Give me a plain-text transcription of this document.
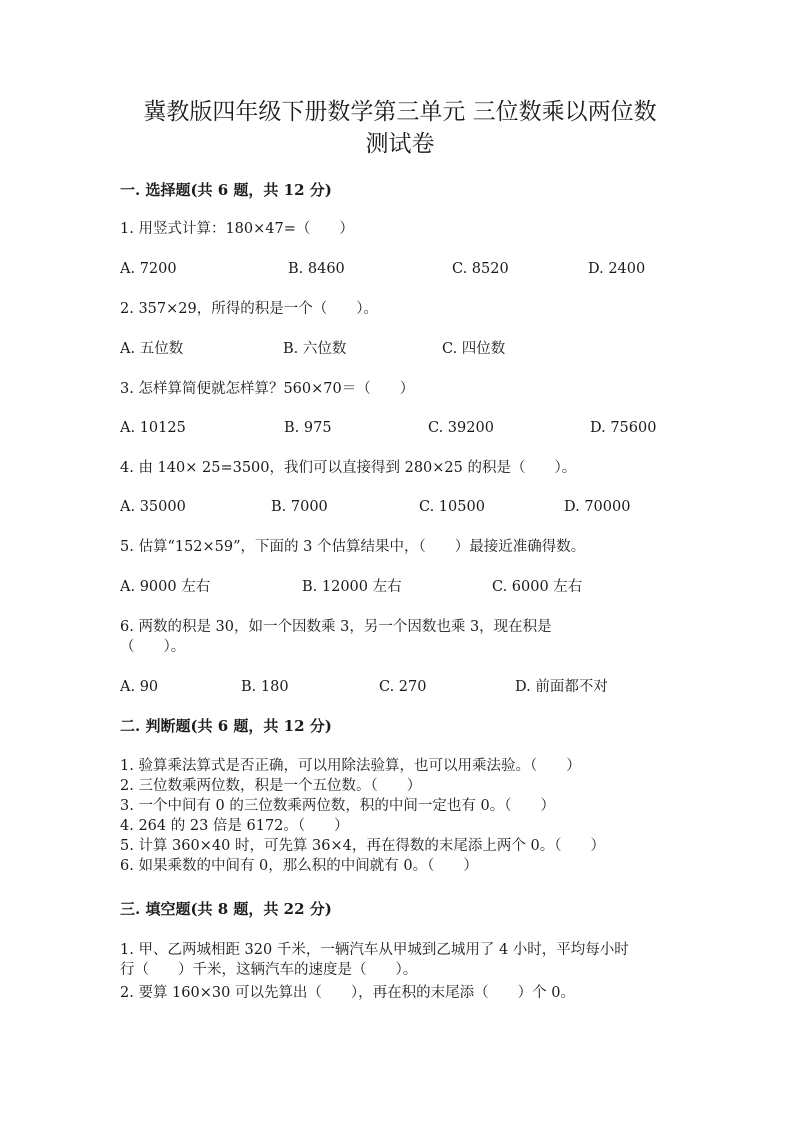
冀教版四年级下册数学第三单元 三位数乘以两位数
测试卷
一. 选择题(共 6 题，共 12 分)
1. 用竖式计算：180×47=（　　）
A. 7200	B. 8460	C. 8520	D. 2400
2. 357×29，所得的积是一个（　　）。
A. 五位数	B. 六位数	C. 四位数
3. 怎样算简便就怎样算？560×70＝（　　）
A. 10125	B. 975	C. 39200	D. 75600
4. 由 140× 25=3500，我们可以直接得到 280×25 的积是（　　）。
A. 35000	B. 7000	C. 10500	D. 70000
5. 估算“152×59”，下面的 3 个估算结果中，（　　）最接近准确得数。
A. 9000 左右	B. 12000 左右	C. 6000 左右
6. 两数的积是 30，如一个因数乘 3，另一个因数也乘 3，现在积是
（　　）。
A. 90	B. 180	C. 270	D. 前面都不对
二. 判断题(共 6 题，共 12 分)
1. 验算乘法算式是否正确，可以用除法验算，也可以用乘法验。（　　）
2. 三位数乘两位数，积是一个五位数。（　　）
3. 一个中间有 0 的三位数乘两位数，积的中间一定也有 0。（　　）
4. 264 的 23 倍是 6172。（　　）
5. 计算 360×40 时，可先算 36×4，再在得数的末尾添上两个 0。（　　）
6. 如果乘数的中间有 0，那么积的中间就有 0。（　　）
三. 填空题(共 8 题，共 22 分)
1. 甲、乙两城相距 320 千米，一辆汽车从甲城到乙城用了 4 小时，平均每小时
行（　　）千米，这辆汽车的速度是（　　）。
2. 要算 160×30 可以先算出（　　），再在积的末尾添（　　）个 0。
